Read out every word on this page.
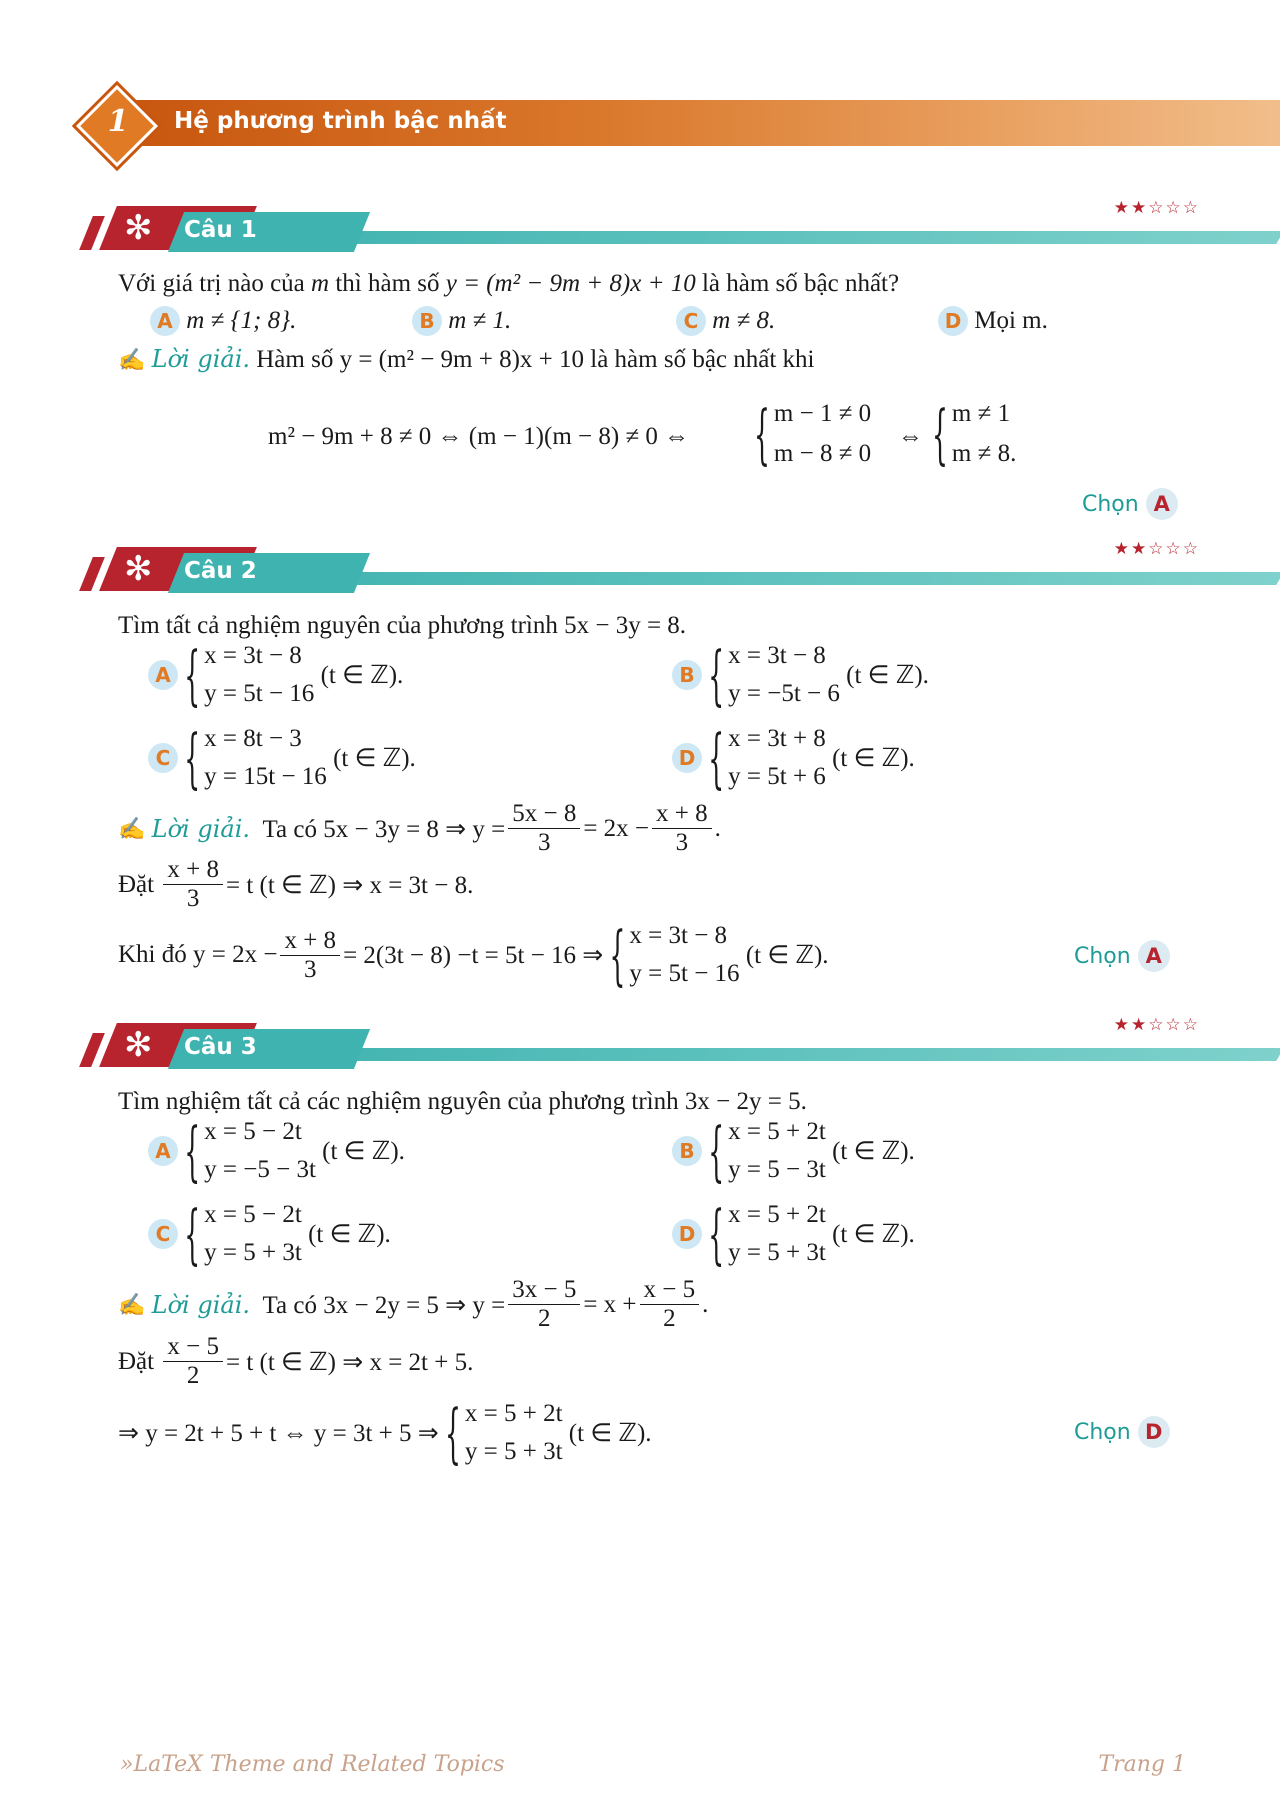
1 Hệ phương trình bậc nhất
✻ Câu 1
★★☆☆☆
Với giá trị nào của m thì hàm số y = (m² − 9m + 8)x + 10 là hàm số bậc nhất?
A m ≠ {1; 8}.	B m ≠ 1.	C m ≠ 8.	D Mọi m.
✍ Lời giải. Hàm số y = (m² − 9m + 8)x + 10 là hàm số bậc nhất khi
m² − 9m + 8 ≠ 0 ⇔ (m − 1)(m − 8) ≠ 0 ⇔	{ m − 1 ≠ 0
m − 8 ≠ 0
⇔ { m ≠ 1
m ≠ 8.
Chọn A
✻ Câu 2
★★☆☆☆
Tìm tất cả nghiệm nguyên của phương trình 5x − 3y = 8.
A
{ x = 3t − 8
y = 5t − 16

(t ∈ ℤ).	B
{ x = 3t − 8
y = −5t − 6

(t ∈ ℤ).
C
{ x = 8t − 3
y = 15t − 16

(t ∈ ℤ).	D
{ x = 3t + 8
y = 5t + 6

(t ∈ ℤ).
✍
Lời giải.
Ta có 5x − 3y = 8 ⇒ $y = \frac{5x - 8}{3} = 2x - \frac{x + 8}{3}$ .
Đặt
$\frac{x + 8}{3} = t$ (t ∈ ℤ) ⇒ x = 3t − 8.
Khi đó $y = 2x - \frac{x + 8}{3} = 2(3t - 8) -t = 5t - 16$ ⇒
{ x = 3t − 8
y = 5t − 16

(t ∈ ℤ).	Chọn A
✻ Câu 3
★★☆☆☆
Tìm nghiệm tất cả các nghiệm nguyên của phương trình 3x − 2y = 5.
A
{ x = 5 − 2t
y = −5 − 3t

(t ∈ ℤ).	B
{ x = 5 + 2t
y = 5 − 3t

(t ∈ ℤ).
C
{ x = 5 − 2t
y = 5 + 3t

(t ∈ ℤ).	D
{ x = 5 + 2t
y = 5 + 3t

(t ∈ ℤ).
✍
Lời giải.
Ta có 3x − 2y = 5 ⇒ $y = \frac{3x - 5}{2} = x + \frac{x - 5}{2}$ .
Đặt
$\frac{x - 5}{2} = t$ (t ∈ ℤ) ⇒ x = 2t + 5.
⇒ y = 2t + 5 + t ⇔ y = 3t + 5 ⇒
{ x = 5 + 2t
y = 5 + 3t

(t ∈ ℤ).	Chọn D
»LaTeX Theme and Related Topics	Trang 1
